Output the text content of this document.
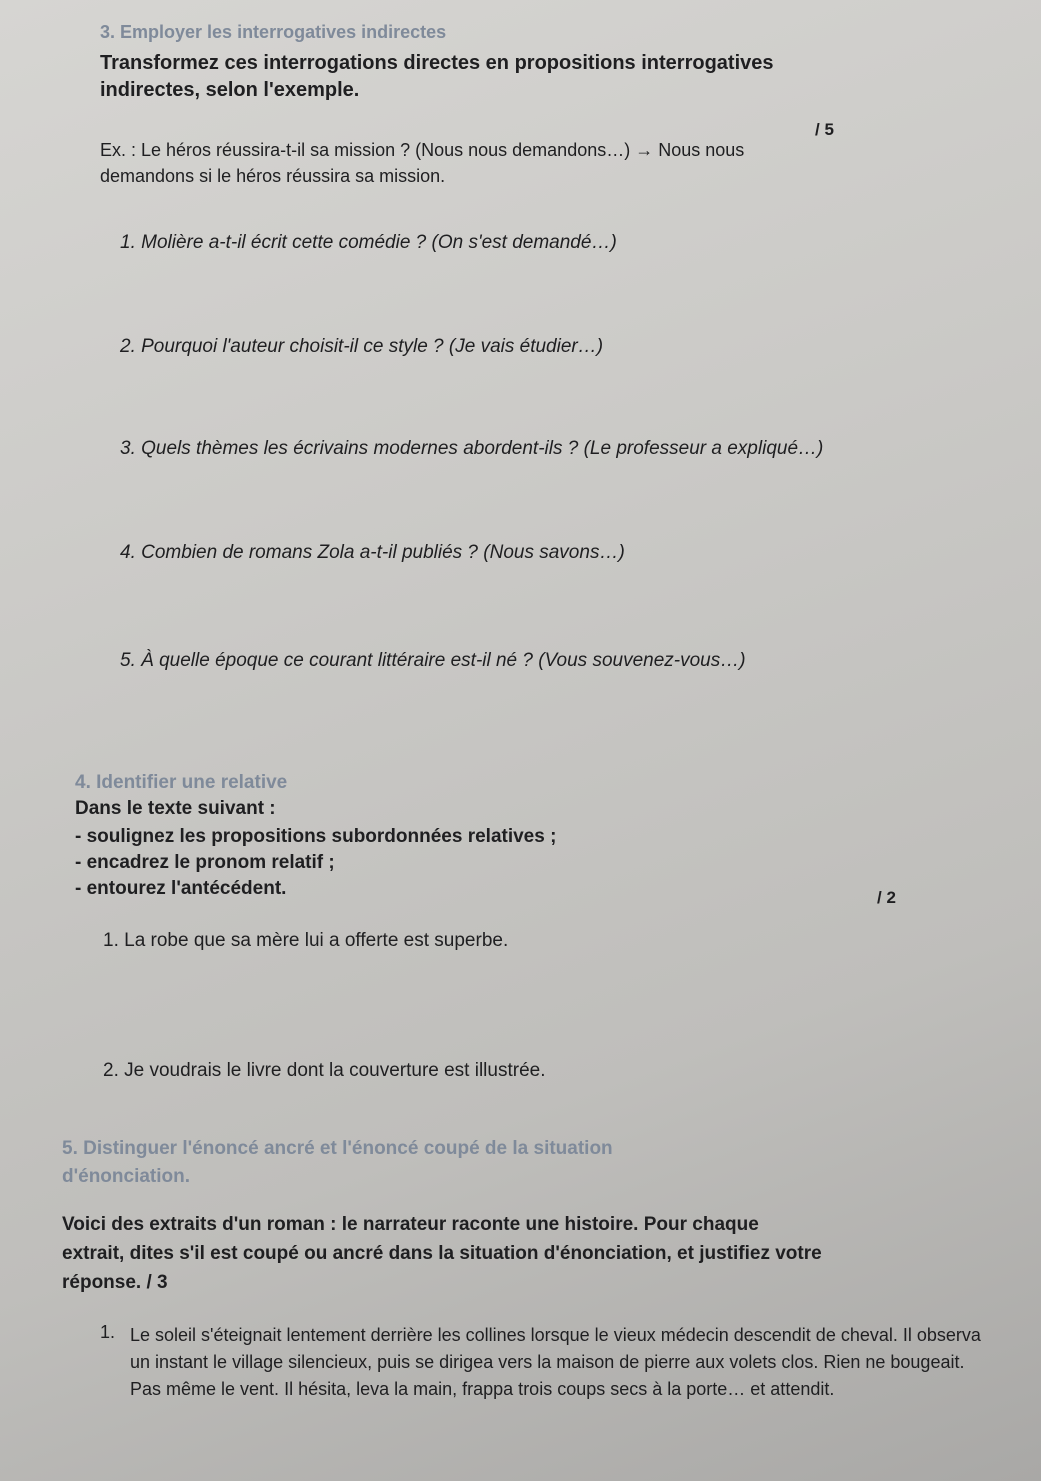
3. Employer les interrogatives indirectes
Transformez ces interrogations directes en propositions interrogatives
indirectes, selon l'exemple.
/ 5
Ex. : Le héros réussira-t-il sa mission ? (Nous nous demandons…) → Nous nous
demandons si le héros réussira sa mission.
1. Molière a-t-il écrit cette comédie ? (On s'est demandé…)
2. Pourquoi l'auteur choisit-il ce style ? (Je vais étudier…)
3. Quels thèmes les écrivains modernes abordent-ils ? (Le professeur a expliqué…)
4. Combien de romans Zola a-t-il publiés ? (Nous savons…)
5. À quelle époque ce courant littéraire est-il né ? (Vous souvenez-vous…)
4. Identifier une relative
Dans le texte suivant :
- soulignez les propositions subordonnées relatives ;
- encadrez le pronom relatif ;
- entourez l'antécédent.	/ 2
1. La robe que sa mère lui a offerte est superbe.
2. Je voudrais le livre dont la couverture est illustrée.
5. Distinguer l'énoncé ancré et l'énoncé coupé de la situation
d'énonciation.
Voici des extraits d'un roman : le narrateur raconte une histoire. Pour chaque
extrait, dites s'il est coupé ou ancré dans la situation d'énonciation, et justifiez votre
réponse. / 3
1. Le soleil s'éteignait lentement derrière les collines lorsque le vieux médecin descendit de cheval. Il observa un instant le village silencieux, puis se dirigea vers la maison de pierre aux volets clos. Rien ne bougeait. Pas même le vent. Il hésita, leva la main, frappa trois coups secs à la porte… et attendit.
